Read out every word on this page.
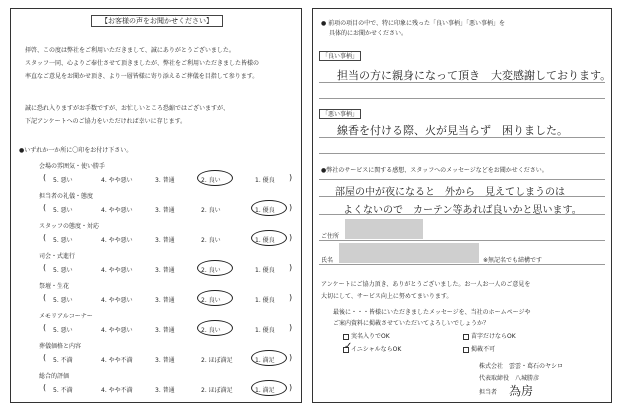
【お客様の声をお聞かせください】
拝啓、この度は弊社をご利用いただきまして、誠にありがとうございました。
スタッフ一同、心よりご奉仕させて頂きましたが、弊社をご利用いただきました皆様の
率直なご意見をお聞かせ頂き、より一層皆様に寄り添えるご葬儀を目指して参ります。
誠に恐れ入りますがお手数ですが、お忙しいところ恐縮ではございますが、
下記アンケートへのご協力をいただければ幸いに存じます。
●いずれか一か所に〇印をお付け下さい。
会場の雰囲気・使い勝手
(	)
5. 悪い	4. やや悪い	3. 普通	2. 良い	1. 優良
担当者の礼儀・態度
(	)
5. 悪い	4. やや悪い	3. 普通	2. 良い	1. 優良
スタッフの態度・対応
(	)
5. 悪い	4. やや悪い	3. 普通	2. 良い	1. 優良
司会・式進行
(	)
5. 悪い	4. やや悪い	3. 普通	2. 良い	1. 優良
祭壇・生花
(	)
5. 悪い	4. やや悪い	3. 普通	2. 良い	1. 優良
メモリアルコーナー
(	)
5. 悪い	4. やや悪い	3. 普通	2. 良い	1. 優良
葬儀価格と内容
(	)
5. 不満	4. やや不満	3. 普通	2. ほぼ満足	1. 満足
総合的評価
(	)
5. 不満	4. やや不満	3. 普通	2. ほぼ満足	1. 満足
● 前項の項目の中で、特に印象に残った「良い事柄」「悪い事柄」を
具体的にお聞かせください。
「良い事柄」
担当の方に親身になって頂き　大変感謝しております。
「悪い事柄」
線香を付ける際、火が見当らず　困りました。
●弊社のサービスに関する感想、スタッフへのメッセージなどをお聞かせください。
部屋の中が夜になると　外から　見えてしまうのは
よくないので　カーテン等あれば良いかと思います。
ご住所
氏名	※無記名でも結構です
アンケートにご協力頂き、ありがとうございました。お一人お一人のご意見を
大切にして、サービス向上に努めてまいります。
最後に・・・皆様にいただきましたメッセージを、当社のホームページや
ご案内資料に掲載させていただいてよろしいでしょうか？
実名入りでOK	苗字だけならOK
✓
イニシャルならOK	掲載不可
株式会社　雲雲・葛石のヤシロ
代表取締役　八城勝彦
担当者 為房
